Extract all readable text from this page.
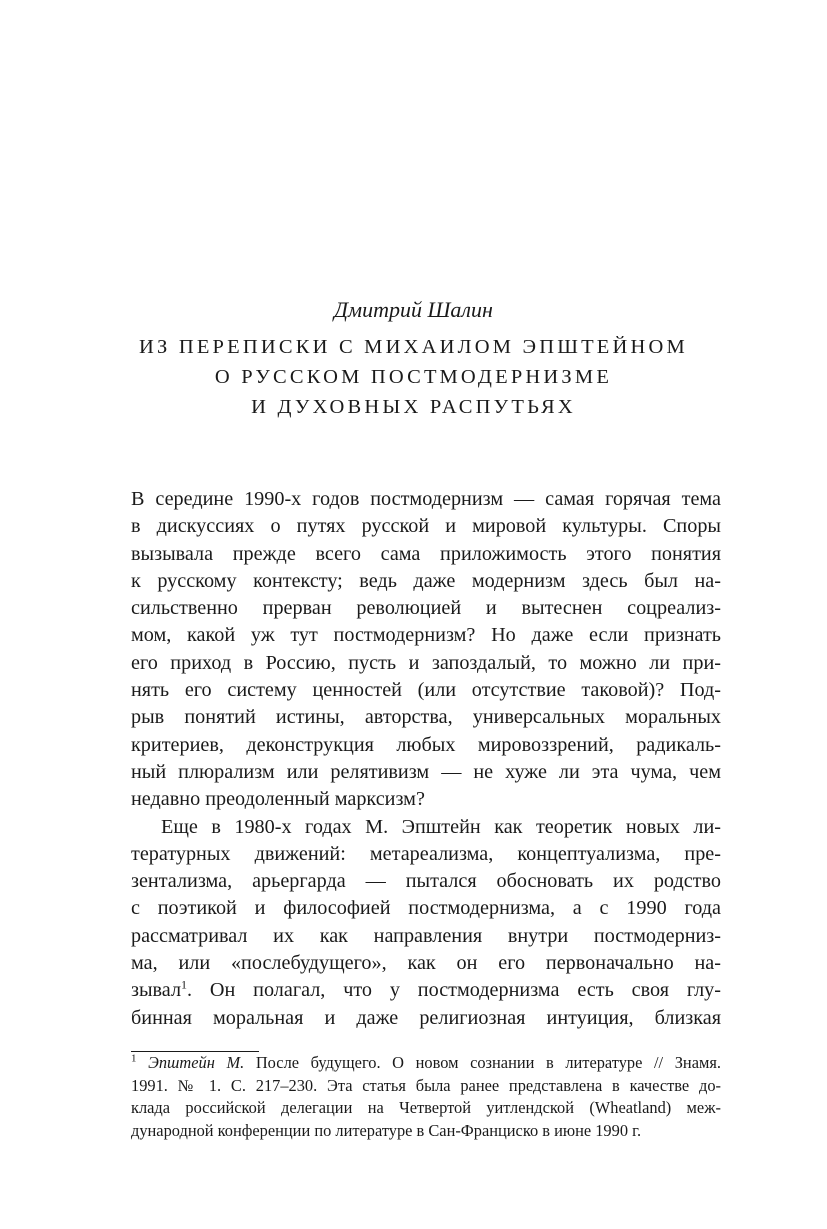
Дмитрий Шалин
ИЗ ПЕРЕПИСКИ С МИХАИЛОМ ЭПШТЕЙНОМ
О РУССКОМ ПОСТМОДЕРНИЗМЕ
И ДУХОВНЫХ РАСПУТЬЯХ
В середине 1990-х годов постмодернизм — самая горячая тема
в дискуссиях о путях русской и мировой культуры. Споры
вызывала прежде всего сама приложимость этого понятия
к русскому контексту; ведь даже модернизм здесь был на-
сильственно прерван революцией и вытеснен соцреализ-
мом, какой уж тут постмодернизм? Но даже если признать
его приход в Россию, пусть и запоздалый, то можно ли при-
нять его систему ценностей (или отсутствие таковой)? Под-
рыв понятий истины, авторства, универсальных моральных
критериев, деконструкция любых мировоззрений, радикаль-
ный плюрализм или релятивизм — не хуже ли эта чума, чем
недавно преодоленный марксизм?
Еще в 1980-х годах М. Эпштейн как теоретик новых ли-
тературных движений: метареализма, концептуализма, пре-
зентализма, арьергарда — пытался обосновать их родство
с поэтикой и философией постмодернизма, а с 1990 года
рассматривал их как направления внутри постмодерниз-
ма, или «послебудущего», как он его первоначально на-
зывал$^1$. Он полагал, что у постмодернизма есть своя глу-
бинная моральная и даже религиозная интуиция, близкая
$^1$ Эпштейн М. После будущего. О новом сознании в литературе // Знамя.
1991. № 1. С. 217–230. Эта статья была ранее представлена в качестве до-
клада российской делегации на Четвертой уитлендской (Wheatland) меж-
дународной конференции по литературе в Сан-Франциско в июне 1990 г.
